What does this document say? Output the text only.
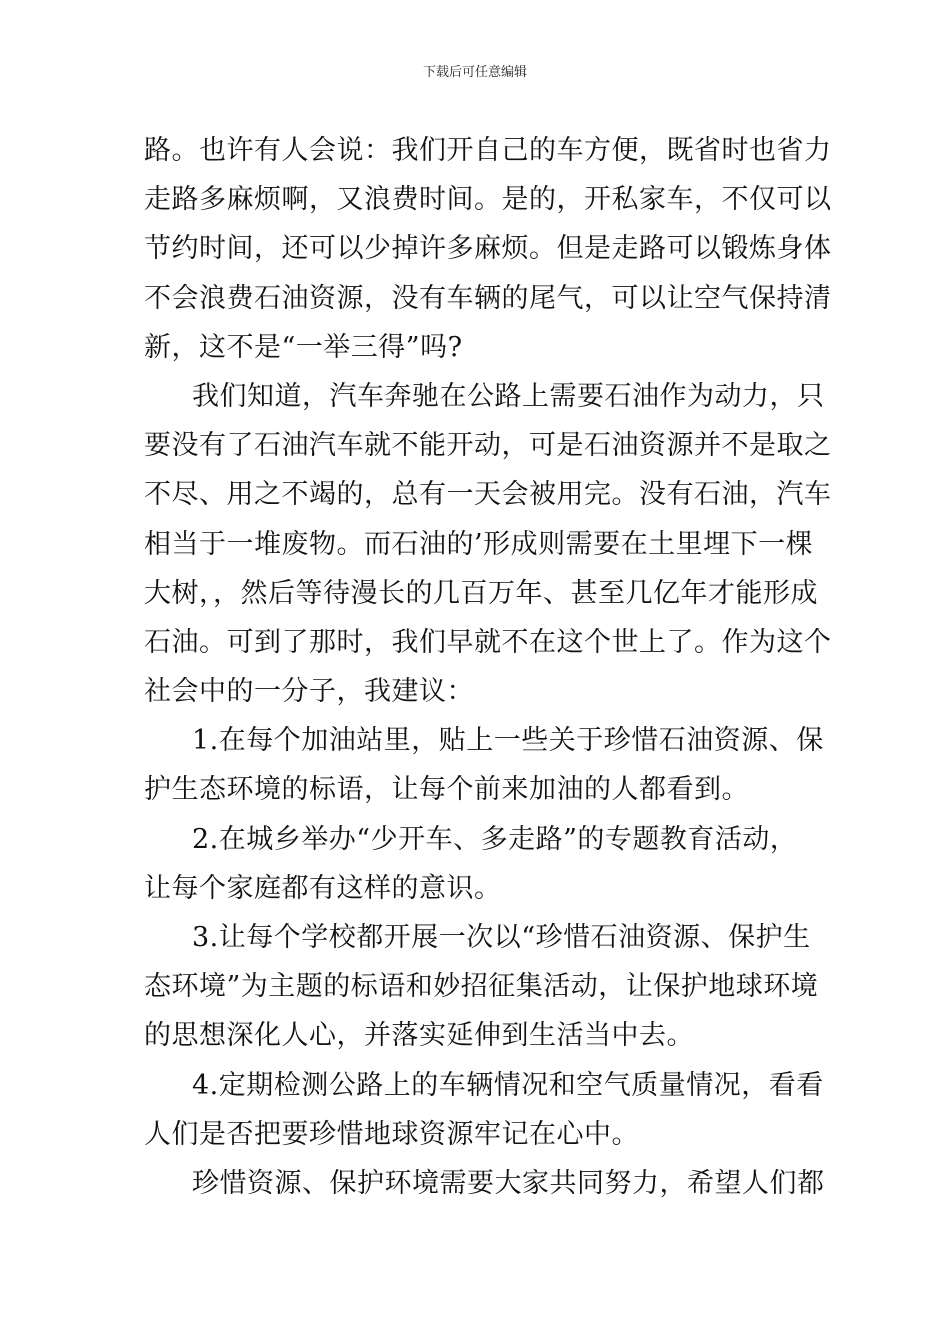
下载后可任意编辑
路。也许有人会说：我们开自己的车方便，既省时也省力
走路多麻烦啊，又浪费时间。是的，开私家车，不仅可以
节约时间，还可以少掉许多麻烦。但是走路可以锻炼身体
不会浪费石油资源，没有车辆的尾气，可以让空气保持清
新，这不是“一举三得”吗?
我们知道，汽车奔驰在公路上需要石油作为动力，只
要没有了石油汽车就不能开动，可是石油资源并不是取之
不尽、用之不竭的，总有一天会被用完。没有石油，汽车
相当于一堆废物。而石油的’形成则需要在土里埋下一棵
大树，，然后等待漫长的几百万年、甚至几亿年才能形成
石油。可到了那时，我们早就不在这个世上了。作为这个
社会中的一分子，我建议：
1.在每个加油站里，贴上一些关于珍惜石油资源、保
护生态环境的标语，让每个前来加油的人都看到。
2.在城乡举办“少开车、多走路”的专题教育活动，
让每个家庭都有这样的意识。
3.让每个学校都开展一次以“珍惜石油资源、保护生
态环境”为主题的标语和妙招征集活动，让保护地球环境
的思想深化人心，并落实延伸到生活当中去。
4.定期检测公路上的车辆情况和空气质量情况，看看
人们是否把要珍惜地球资源牢记在心中。
珍惜资源、保护环境需要大家共同努力，希望人们都
